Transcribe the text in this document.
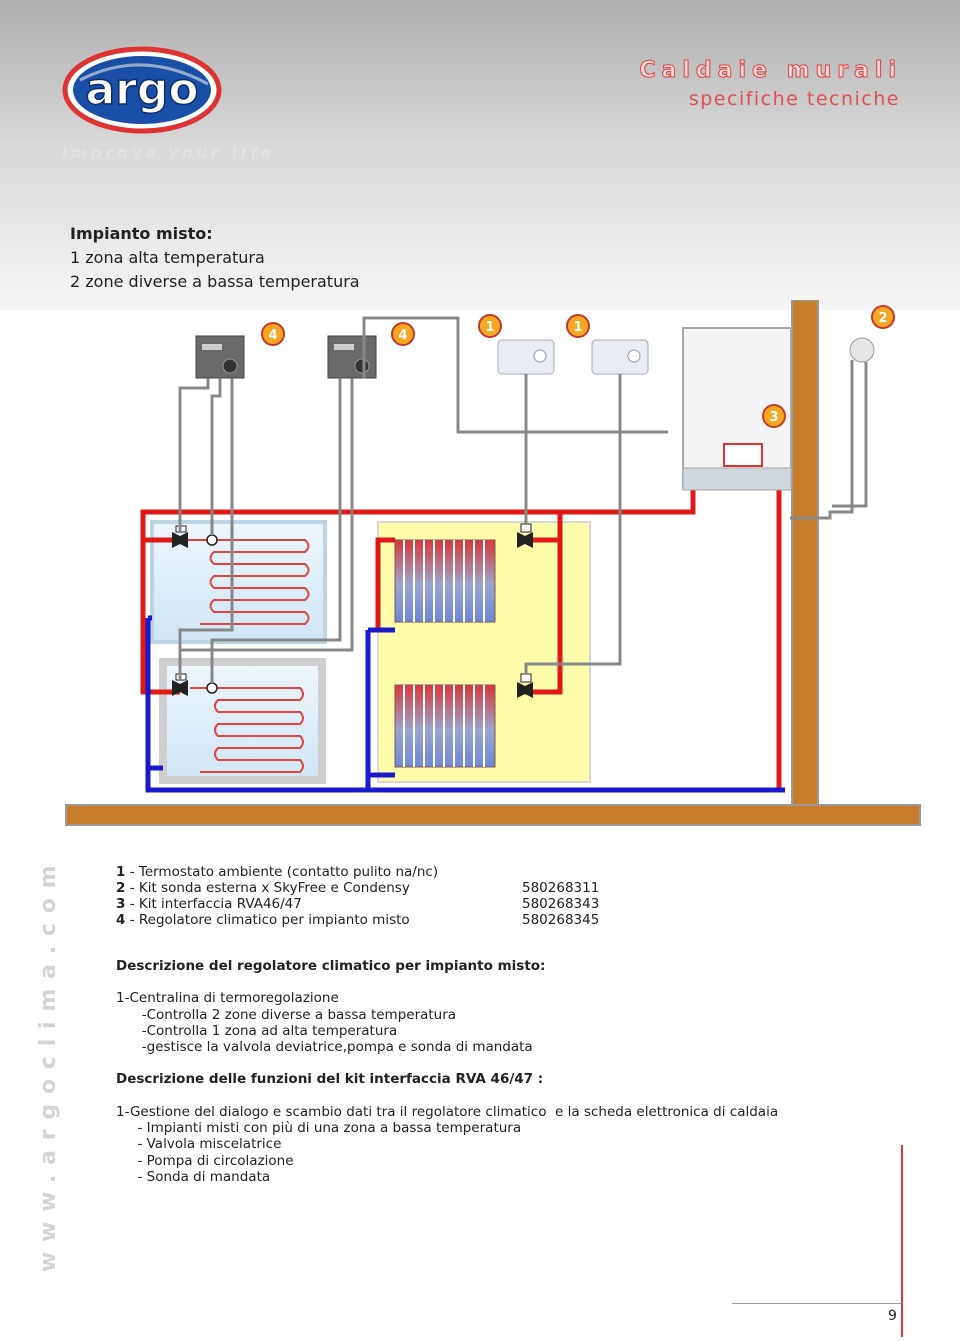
argo
improve your life
Caldaie murali
specifiche tecniche
Impianto misto:
1 zona alta temperatura
2 zone diverse a bassa temperatura
4	4
1	1
2
3
1 - Termostato ambiente (contatto pulito na/nc)
2 - Kit sonda esterna x SkyFree e Condensy	580268311
3 - Kit interfaccia RVA46/47	580268343
4 - Regolatore climatico per impianto misto	580268345
Descrizione del regolatore climatico per impianto misto:
1-Centralina di termoregolazione
-Controlla 2 zone diverse a bassa temperatura
-Controlla 1 zona ad alta temperatura
-gestisce la valvola deviatrice,pompa e sonda di mandata
Descrizione delle funzioni del kit interfaccia RVA 46/47 :
1-Gestione del dialogo e scambio dati tra il regolatore climatico  e la scheda elettronica di caldaia
- Impianti misti con più di una zona a bassa temperatura
- Valvola miscelatrice
- Pompa di circolazione
- Sonda di mandata
www.argoclima.com
9
